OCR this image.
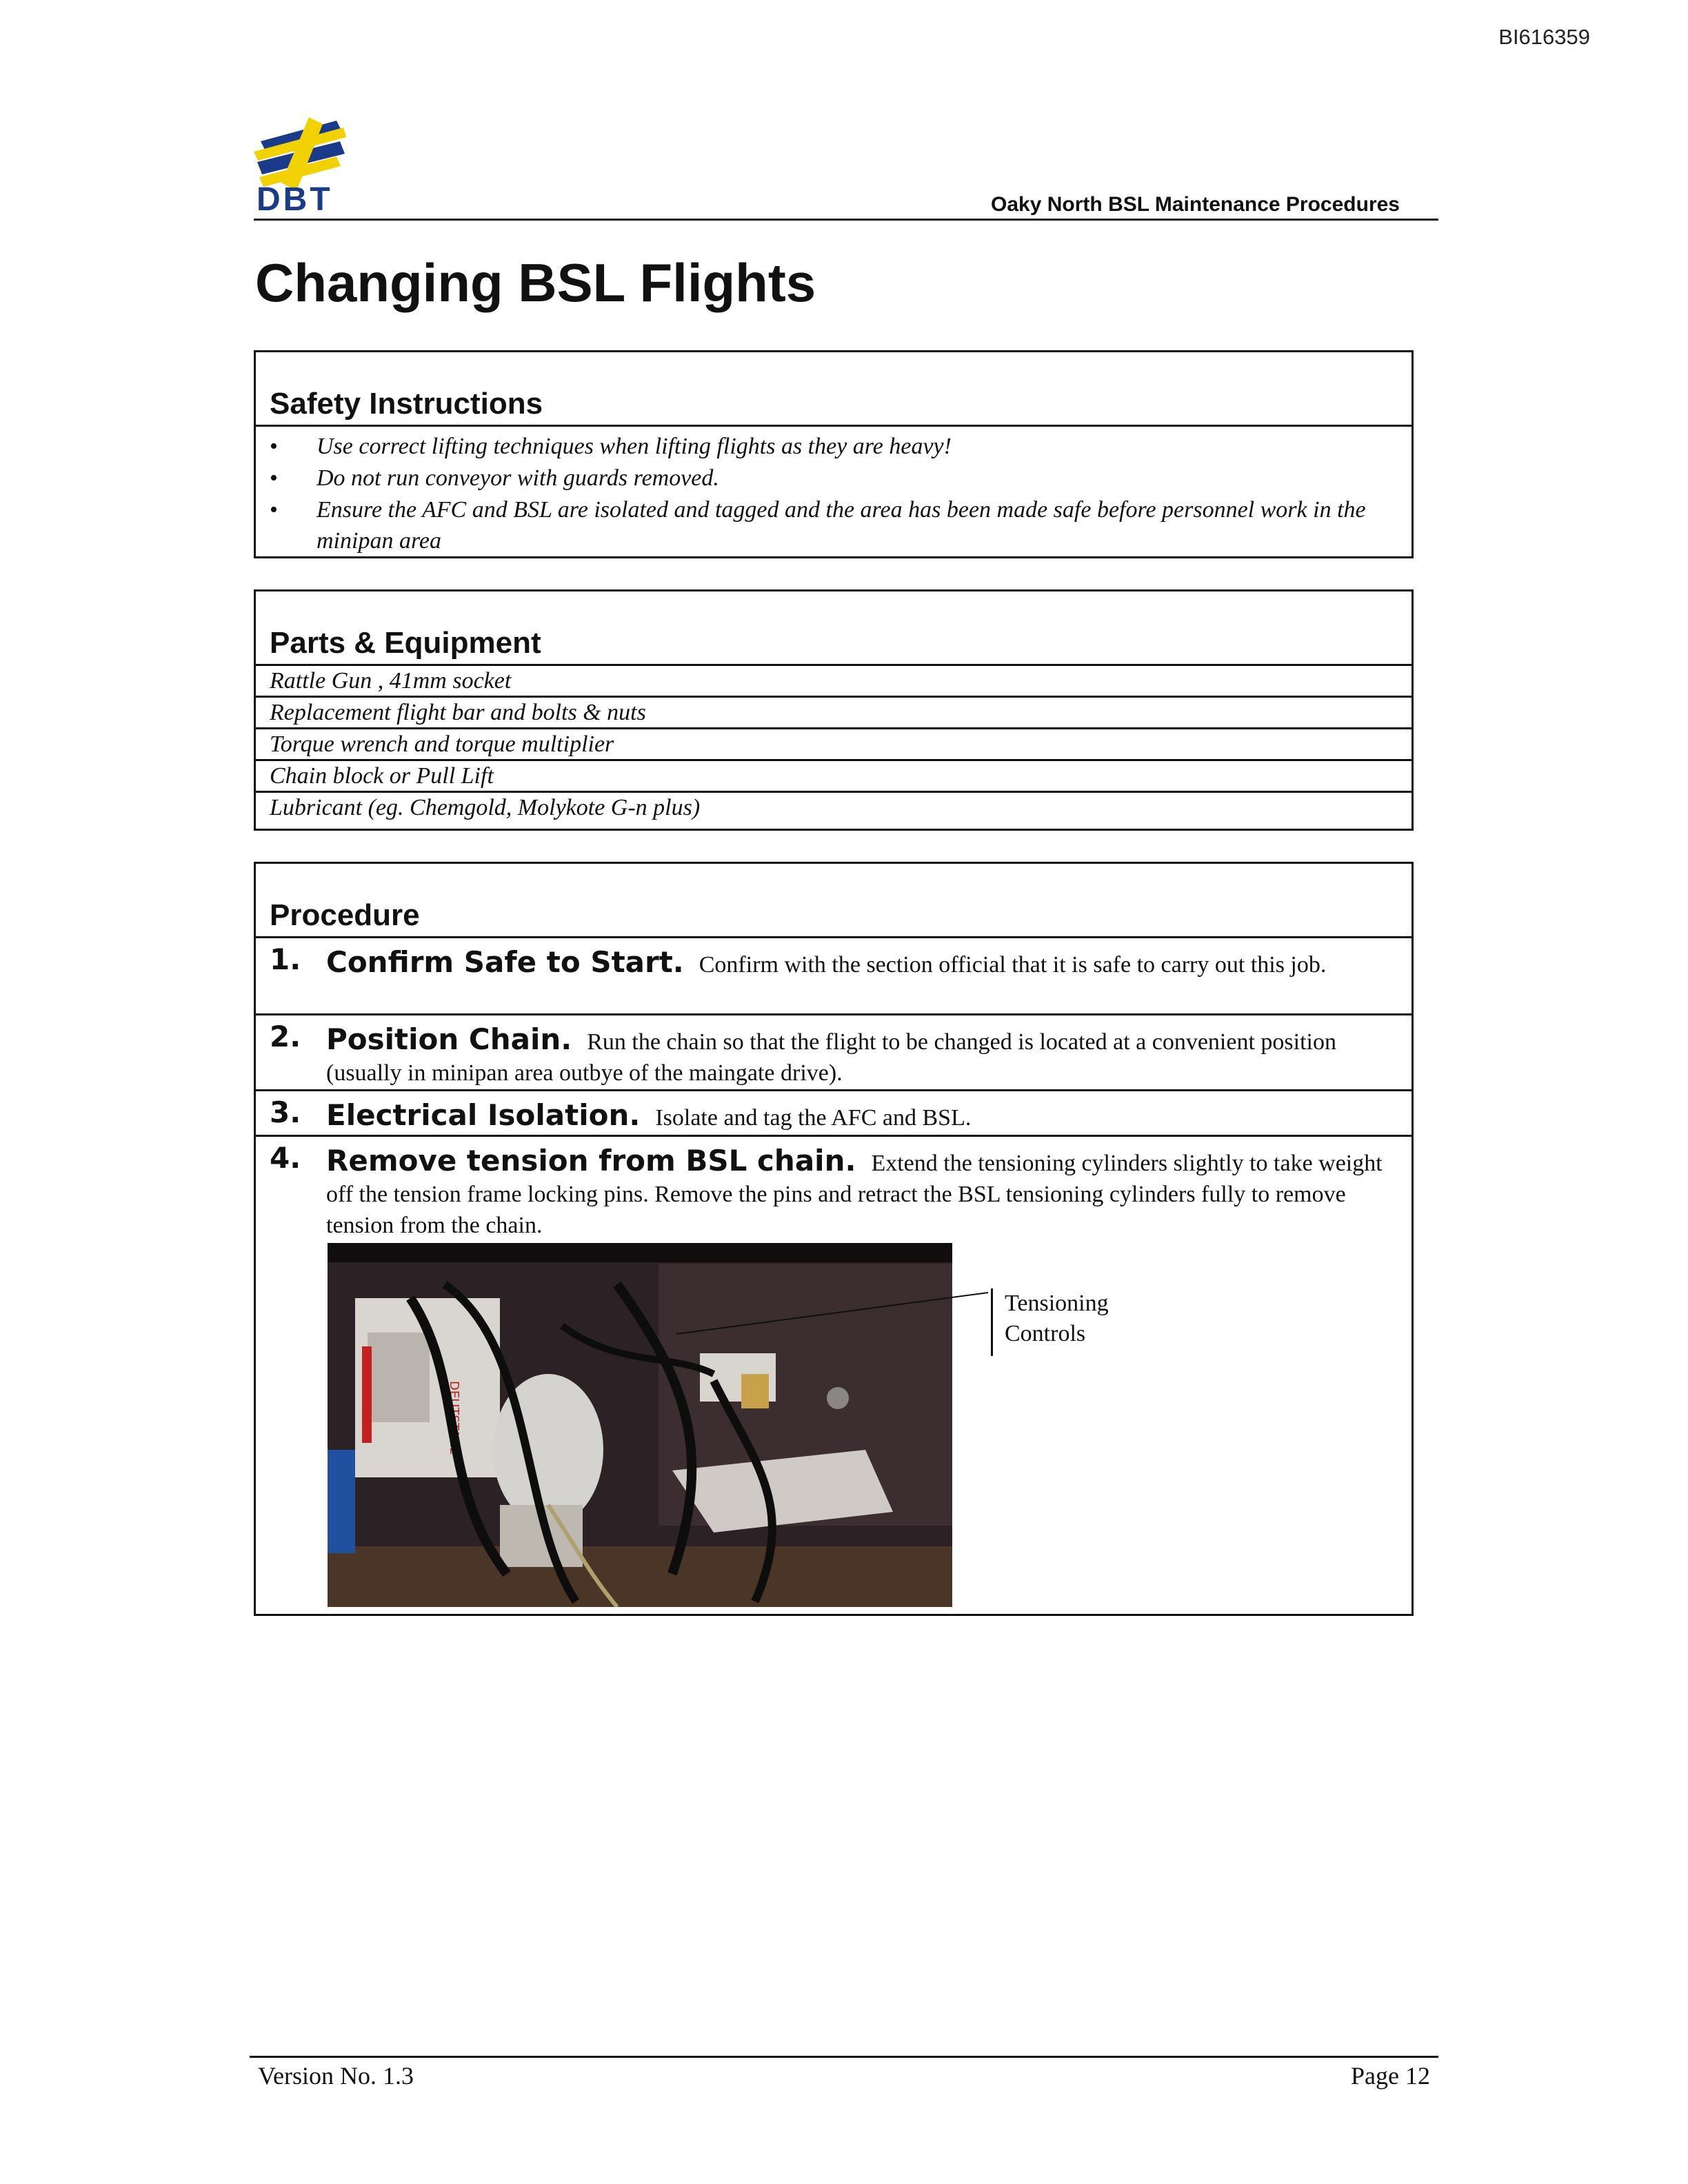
BI616359
DBT	Oaky North BSL Maintenance Procedures
Changing BSL Flights
Safety Instructions
• Use correct lifting techniques when lifting flights as they are heavy!
• Do not run conveyor with guards removed.
• Ensure the AFC and BSL are isolated and tagged and the area has been made safe before personnel work in the minipan area
Parts & Equipment
Rattle Gun , 41mm socket
Replacement flight bar and bolts & nuts
Torque wrench and torque multiplier
Chain block or Pull Lift
Lubricant (eg. Chemgold, Molykote G-n plus)
Procedure
1. Confirm Safe to Start. Confirm with the section official that it is safe to carry out this job.
2. Position Chain. Run the chain so that the flight to be changed is located at a convenient position (usually in minipan area outbye of the maingate drive).
3. Electrical Isolation. Isolate and tag the AFC and BSL.
4. Remove tension from BSL chain. Extend the tensioning cylinders slightly to take weight off the tension frame locking pins. Remove the pins and retract the BSL tensioning cylinders fully to remove tension from the chain.
DEUTSTAHL
Tensioning
Controls
Version No. 1.3	Page 12
